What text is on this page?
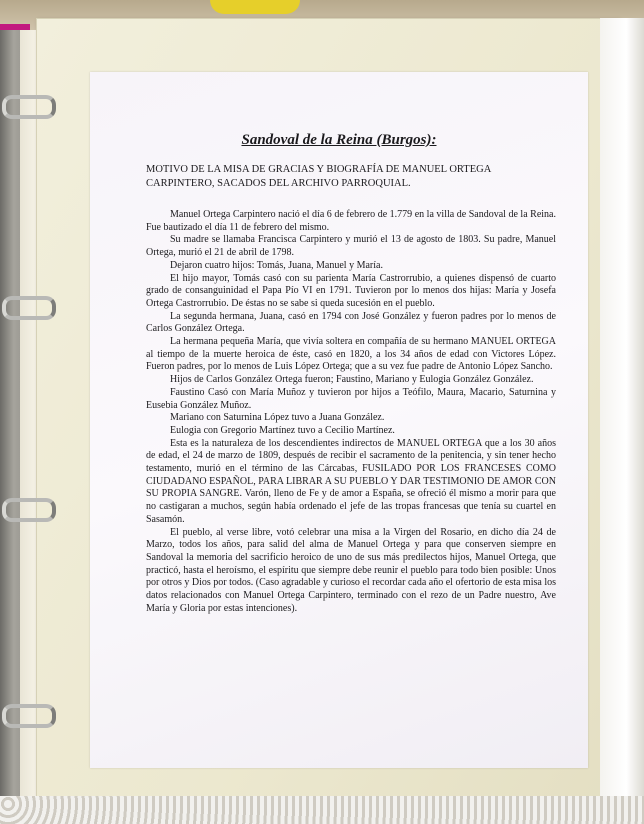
Sandoval de la Reina (Burgos):

MOTIVO DE LA MISA DE GRACIAS Y BIOGRAFÍA DE MANUEL ORTEGA CARPINTERO, SACADOS DEL ARCHIVO PARROQUIAL.

Manuel Ortega Carpintero nació el día 6 de febrero de 1.779 en la villa de Sandoval de la Reina. Fue bautizado el día 11 de febrero del mismo.

Su madre se llamaba Francisca Carpintero y murió el 13 de agosto de 1803. Su padre, Manuel Ortega, murió el 21 de abril de 1798.

Dejaron cuatro hijos: Tomás, Juana, Manuel y María.

El hijo mayor, Tomás casó con su parienta María Castrorrubio, a quienes dispensó de cuarto grado de consanguinidad el Papa Pío VI en 1791. Tuvieron por lo menos dos hijas: María y Josefa Ortega Castrorrubio. De éstas no se sabe si queda sucesión en el pueblo.

La segunda hermana, Juana, casó en 1794 con José González y fueron padres por lo menos de Carlos González Ortega.

La hermana pequeña María, que vivía soltera en compañía de su hermano MANUEL ORTEGA al tiempo de la muerte heroica de éste, casó en 1820, a los 34 años de edad con Victores López. Fueron padres, por lo menos de Luis López Ortega; que a su vez fue padre de Antonio López Sancho.

Hijos de Carlos González Ortega fueron; Faustino, Mariano y Eulogia González González.

Faustino Casó con María Muñoz y tuvieron por hijos a Teófilo, Maura, Macario, Saturnina y Eusebia González Muñoz.

Mariano con Saturnina López tuvo a Juana González.

Eulogia con Gregorio Martínez tuvo a Cecilio Martínez.

Esta es la naturaleza de los descendientes indirectos de MANUEL ORTEGA que a los 30 años de edad, el 24 de marzo de 1809, después de recibir el sacramento de la penitencia, y sin tener hecho testamento, murió en el término de las Cárcabas, FUSILADO POR LOS FRANCESES COMO CIUDADANO ESPAÑOL, PARA LIBRAR A SU PUEBLO Y DAR TESTIMONIO DE AMOR CON SU PROPIA SANGRE. Varón, lleno de Fe y de amor a España, se ofreció él mismo a morir para que no castigaran a muchos, según había ordenado el jefe de las tropas francesas que tenía su cuartel en Sasamón.

El pueblo, al verse libre, votó celebrar una misa a la Virgen del Rosario, en dicho día 24 de Marzo, todos los años, para salid del alma de Manuel Ortega y para que conserven siempre en Sandoval la memoria del sacrificio heroico de uno de sus más predilectos hijos, Manuel Ortega, que practicó, hasta el heroísmo, el espíritu que siempre debe reunir el pueblo para todo bien posible: Unos por otros y Dios por todos. (Caso agradable y curioso el recordar cada año el ofertorio de esta misa los datos relacionados con Manuel Ortega Carpintero, terminado con el rezo de un Padre nuestro, Ave María y Gloria por estas intenciones).
